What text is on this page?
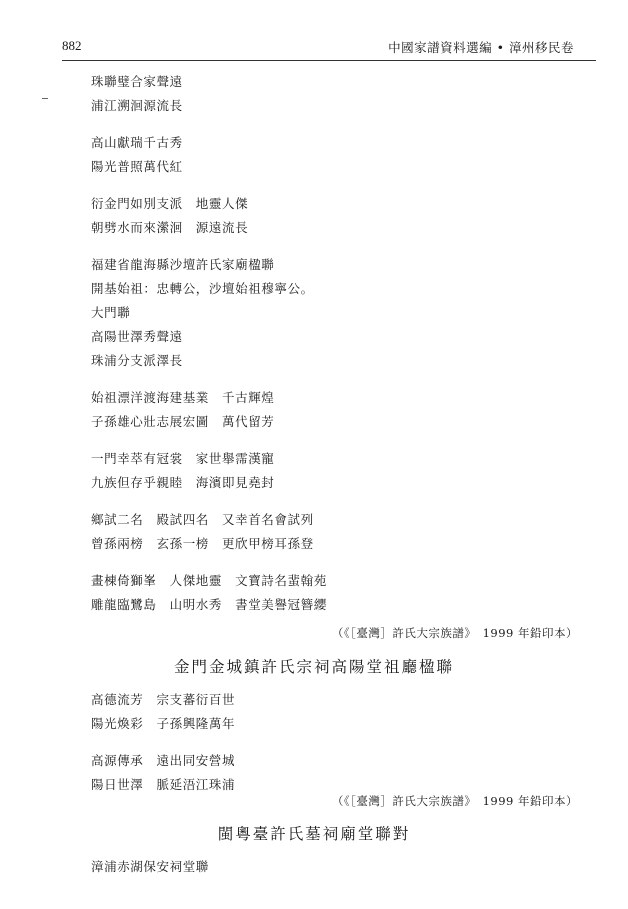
882	中國家譜資料選編 • 漳州移民卷
珠聯璧合家聲遠
浦江溯洄源流長
高山獻瑞千古秀
陽光普照萬代紅
衍金門如別支派　地靈人傑
朝劈水而來瀠洄　源遠流長
福建省龍海縣沙壇許氏家廟楹聯
開基始祖：忠轉公，沙壇始祖穆寧公。
大門聯
高陽世澤秀聲遠
珠浦分支派澤長
始祖漂洋渡海建基業　千古輝煌
子孫雄心壯志展宏圖　萬代留芳
一門幸萃有冠裳　家世舉霈漢寵
九族但存乎親睦　海濱即見堯封
鄉試二名　殿試四名　又幸首名會試列
曾孫兩榜　玄孫一榜　更欣甲榜耳孫登
畫棟倚獅峯　人傑地靈　文寶詩名蜚翰苑
雕龍臨鷺島　山明水秀　書堂美譽冠簪纓
（《［臺灣］許氏大宗族譜》　1999 年鉛印本）
金門金城鎮許氏宗祠高陽堂祖廳楹聯
高德流芳　宗支蕃衍百世
陽光煥彩　子孫興隆萬年
高源傳承　遠出同安營城
陽日世澤　脈延浯江珠浦
（《［臺灣］許氏大宗族譜》　1999 年鉛印本）
閩粵臺許氏墓祠廟堂聯對
漳浦赤湖保安祠堂聯
